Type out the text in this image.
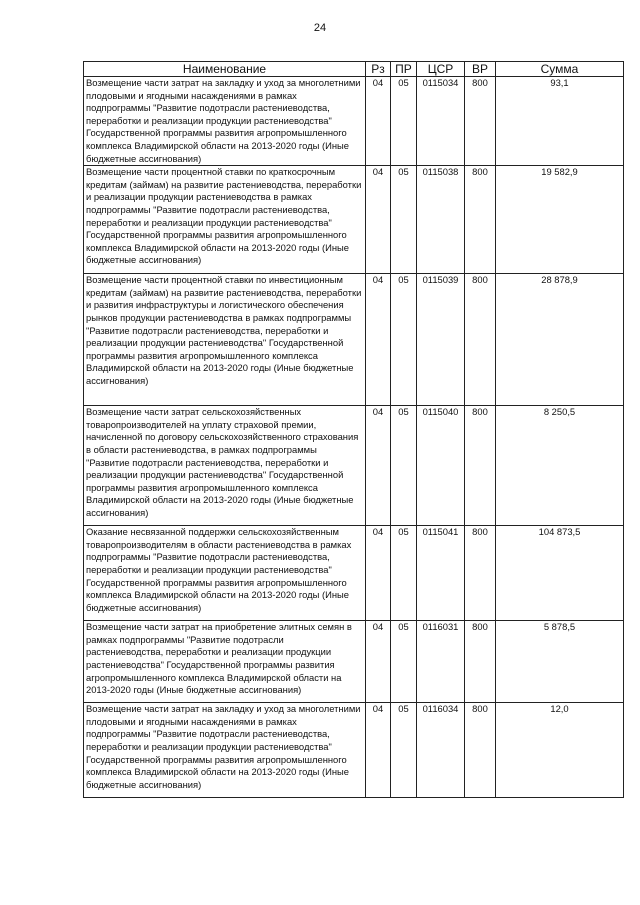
24
Наименование	Рз	ПР	ЦСР	ВР	Сумма
Возмещение части затрат на закладку и уход за многолетними плодовыми и ягодными насаждениями в рамках подпрограммы "Развитие подотрасли растениеводства, переработки и реализации продукции растениеводства" Государственной программы развития агропромышленного комплекса Владимирской области на 2013-2020 годы (Иные бюджетные ассигнования)	04	05	0115034	800	93,1
Возмещение части процентной ставки по краткосрочным кредитам (займам) на развитие растениеводства, переработки и реализации продукции растениеводства в рамках подпрограммы "Развитие подотрасли растениеводства, переработки и реализации продукции растениеводства" Государственной программы развития агропромышленного комплекса Владимирской области на 2013-2020 годы (Иные бюджетные ассигнования)	04	05	0115038	800	19 582,9
Возмещение части процентной ставки по инвестиционным кредитам (займам) на развитие растениеводства, переработки и развития инфраструктуры и логистического обеспечения рынков продукции растениеводства в рамках подпрограммы "Развитие подотрасли растениеводства, переработки и реализации продукции растениеводства" Государственной программы развития агропромышленного комплекса Владимирской области на 2013-2020 годы (Иные бюджетные ассигнования)	04	05	0115039	800	28 878,9
Возмещение части затрат сельскохозяйственных товаропроизводителей на уплату страховой премии, начисленной по договору сельскохозяйственного страхования в области растениеводства, в рамках подпрограммы "Развитие подотрасли растениеводства, переработки и реализации продукции растениеводства" Государственной программы развития агропромышленного комплекса Владимирской области на 2013-2020 годы (Иные бюджетные ассигнования)	04	05	0115040	800	8 250,5
Оказание несвязанной поддержки сельскохозяйственным товаропроизводителям в области растениеводства в рамках подпрограммы "Развитие подотрасли растениеводства, переработки и реализации продукции растениеводства" Государственной программы развития агропромышленного комплекса Владимирской области на 2013-2020 годы (Иные бюджетные ассигнования)	04	05	0115041	800	104 873,5
Возмещение части затрат на приобретение элитных семян в рамках подпрограммы "Развитие подотрасли растениеводства, переработки и реализации продукции растениеводства" Государственной программы развития агропромышленного комплекса Владимирской области на 2013-2020 годы (Иные бюджетные ассигнования)	04	05	0116031	800	5 878,5
Возмещение части затрат на закладку и уход за многолетними плодовыми и ягодными насаждениями в рамках подпрограммы "Развитие подотрасли растениеводства, переработки и реализации продукции растениеводства" Государственной программы развития агропромышленного комплекса Владимирской области на 2013-2020 годы (Иные бюджетные ассигнования)	04	05	0116034	800	12,0
